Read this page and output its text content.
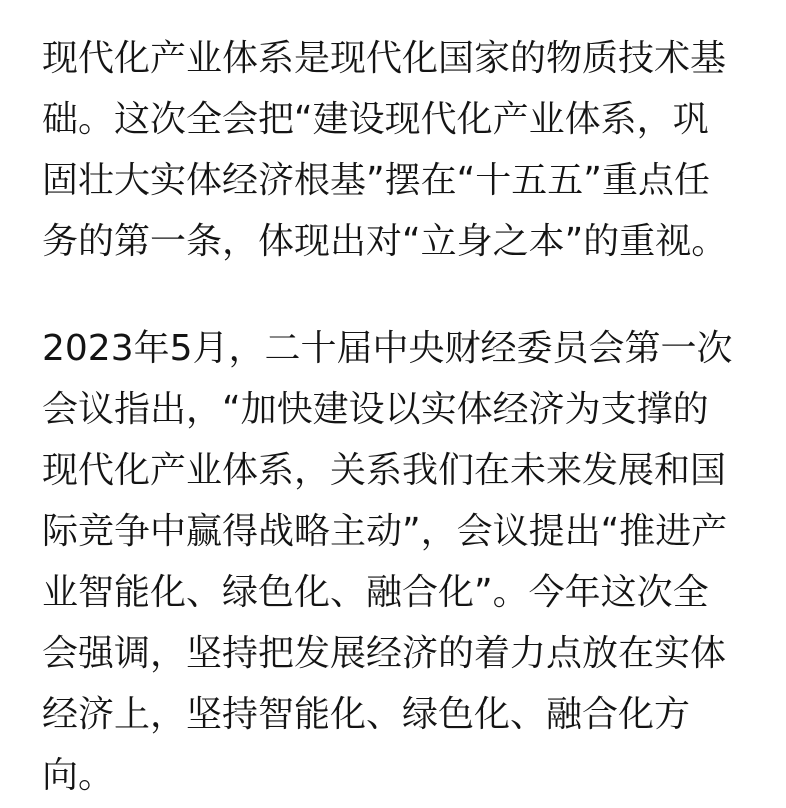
现代化产业体系是现代化国家的物质技术基
础。这次全会把“建设现代化产业体系，巩
固壮大实体经济根基”摆在“十五五”重点任
务的第一条，体现出对“立身之本”的重视。
2023年5月，二十届中央财经委员会第一次
会议指出，“加快建设以实体经济为支撑的
现代化产业体系，关系我们在未来发展和国
际竞争中赢得战略主动”，会议提出“推进产
业智能化、绿色化、融合化”。今年这次全
会强调，坚持把发展经济的着力点放在实体
经济上，坚持智能化、绿色化、融合化方
向。
